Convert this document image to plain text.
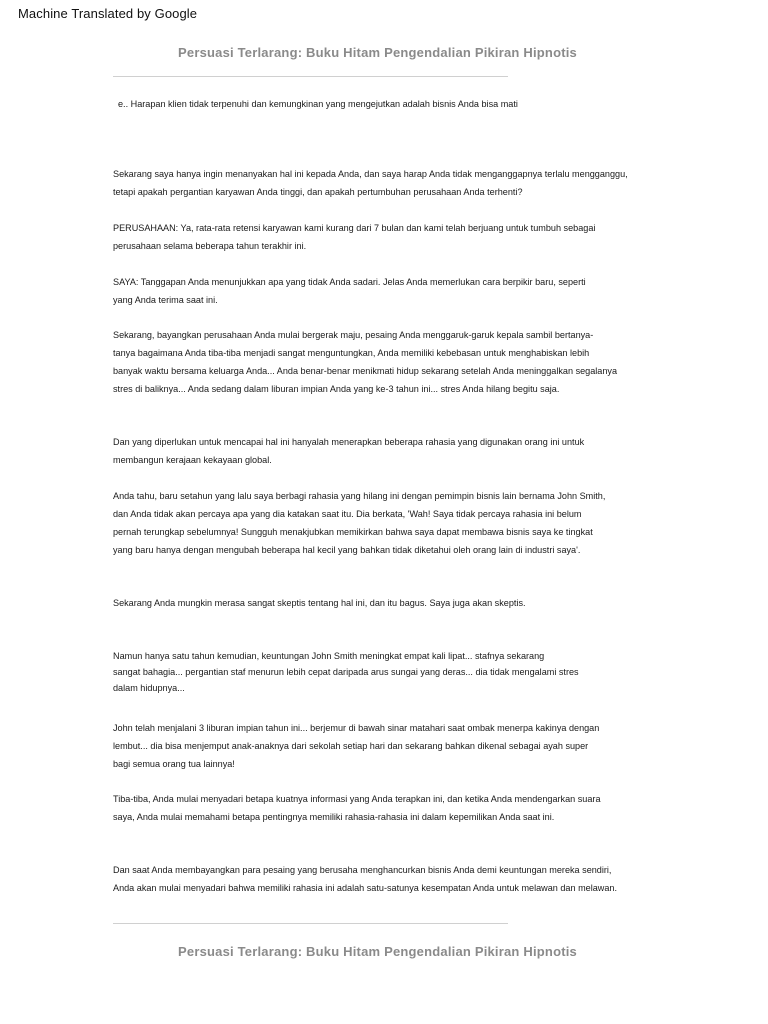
Machine Translated by Google
Persuasi Terlarang: Buku Hitam Pengendalian Pikiran Hipnotis

e.. Harapan klien tidak terpenuhi dan kemungkinan yang mengejutkan adalah bisnis Anda bisa mati

Sekarang saya hanya ingin menanyakan hal ini kepada Anda, dan saya harap Anda tidak menganggapnya terlalu mengganggu,
tetapi apakah pergantian karyawan Anda tinggi, dan apakah pertumbuhan perusahaan Anda terhenti?

PERUSAHAAN: Ya, rata-rata retensi karyawan kami kurang dari 7 bulan dan kami telah berjuang untuk tumbuh sebagai
perusahaan selama beberapa tahun terakhir ini.

SAYA: Tanggapan Anda menunjukkan apa yang tidak Anda sadari. Jelas Anda memerlukan cara berpikir baru, seperti
yang Anda terima saat ini.

Sekarang, bayangkan perusahaan Anda mulai bergerak maju, pesaing Anda menggaruk-garuk kepala sambil bertanya-
tanya bagaimana Anda tiba-tiba menjadi sangat menguntungkan, Anda memiliki kebebasan untuk menghabiskan lebih
banyak waktu bersama keluarga Anda... Anda benar-benar menikmati hidup sekarang setelah Anda meninggalkan segalanya
stres di baliknya... Anda sedang dalam liburan impian Anda yang ke-3 tahun ini... stres Anda hilang begitu saja.

Dan yang diperlukan untuk mencapai hal ini hanyalah menerapkan beberapa rahasia yang digunakan orang ini untuk
membangun kerajaan kekayaan global.

Anda tahu, baru setahun yang lalu saya berbagi rahasia yang hilang ini dengan pemimpin bisnis lain bernama John Smith,
dan Anda tidak akan percaya apa yang dia katakan saat itu. Dia berkata, 'Wah! Saya tidak percaya rahasia ini belum
pernah terungkap sebelumnya! Sungguh menakjubkan memikirkan bahwa saya dapat membawa bisnis saya ke tingkat
yang baru hanya dengan mengubah beberapa hal kecil yang bahkan tidak diketahui oleh orang lain di industri saya'.

Sekarang Anda mungkin merasa sangat skeptis tentang hal ini, dan itu bagus. Saya juga akan skeptis.

Namun hanya satu tahun kemudian, keuntungan John Smith meningkat empat kali lipat... stafnya sekarang
sangat bahagia... pergantian staf menurun lebih cepat daripada arus sungai yang deras... dia tidak mengalami stres
dalam hidupnya...

John telah menjalani 3 liburan impian tahun ini... berjemur di bawah sinar matahari saat ombak menerpa kakinya dengan
lembut... dia bisa menjemput anak-anaknya dari sekolah setiap hari dan sekarang bahkan dikenal sebagai ayah super
bagi semua orang tua lainnya!

Tiba-tiba, Anda mulai menyadari betapa kuatnya informasi yang Anda terapkan ini, dan ketika Anda mendengarkan suara
saya, Anda mulai memahami betapa pentingnya memiliki rahasia-rahasia ini dalam kepemilikan Anda saat ini.

Dan saat Anda membayangkan para pesaing yang berusaha menghancurkan bisnis Anda demi keuntungan mereka sendiri,
Anda akan mulai menyadari bahwa memiliki rahasia ini adalah satu-satunya kesempatan Anda untuk melawan dan melawan.

Persuasi Terlarang: Buku Hitam Pengendalian Pikiran Hipnotis
